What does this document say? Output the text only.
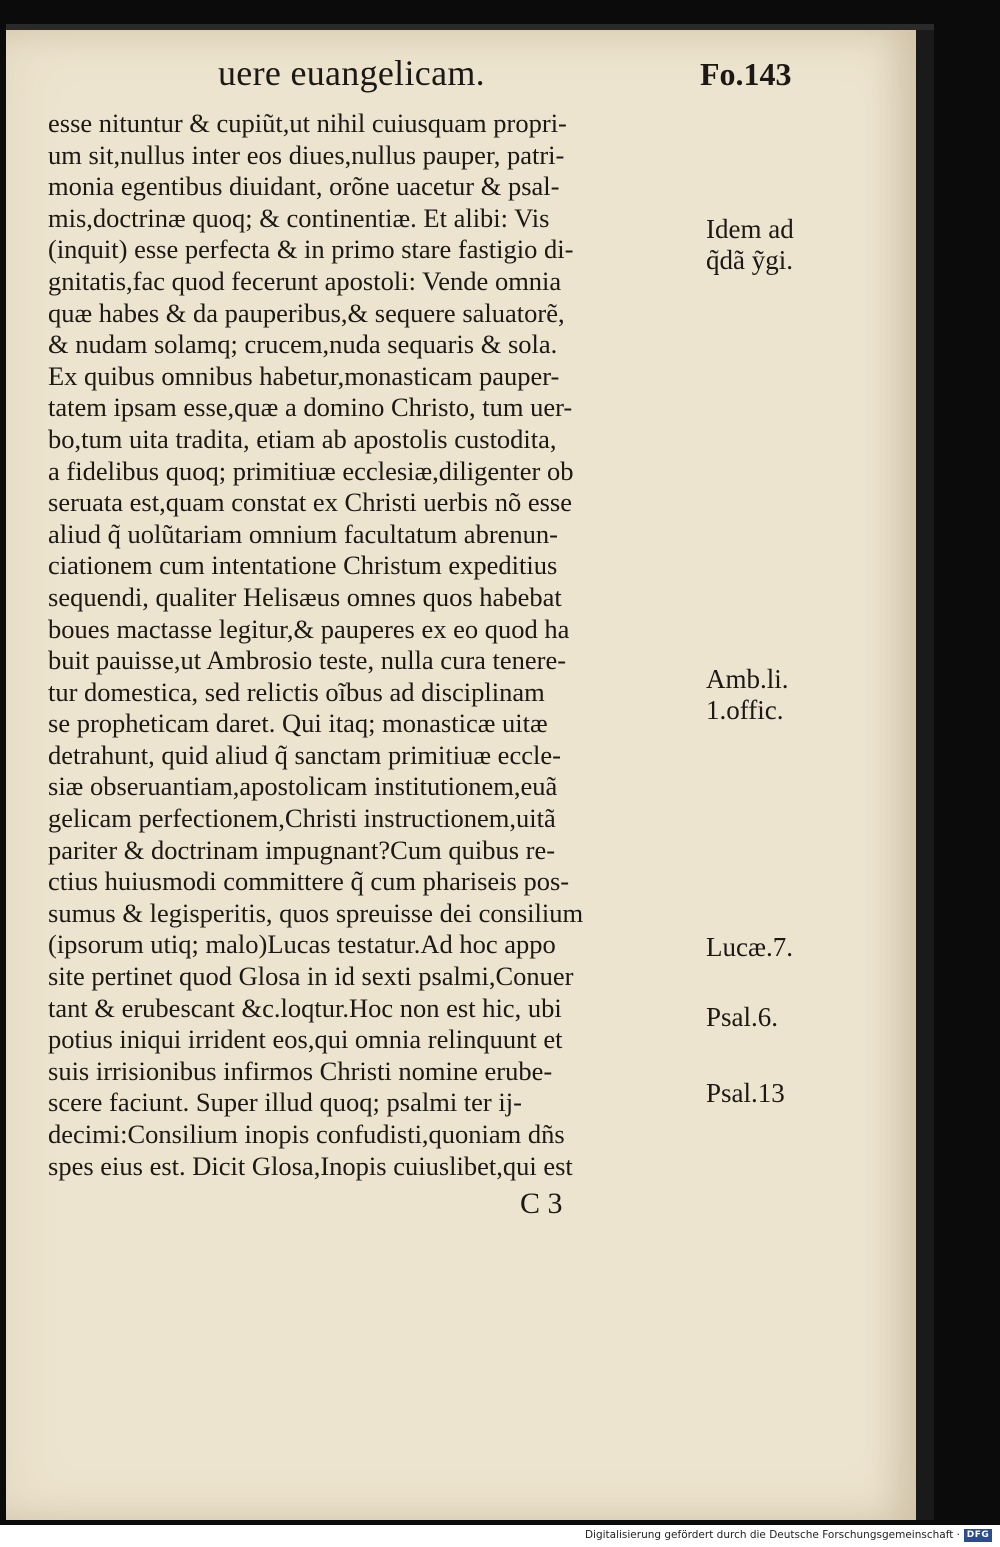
uere euangelicam.	Fo.143
esse nituntur & cupiũt,ut nihil cuiusquam propri-
um sit,nullus inter eos diues,nullus pauper, patri-
monia egentibus diuidant, orõne uacetur & psal-
mis,doctrinæ quoq; & continentiæ. Et alibi: Vis
(inquit) esse perfecta & in primo stare fastigio di-
gnitatis,fac quod fecerunt apostoli: Vende omnia
quæ habes & da pauperibus,& sequere saluatorẽ,
& nudam solamq; crucem,nuda sequaris & sola.
Ex quibus omnibus habetur,monasticam pauper-
tatem ipsam esse,quæ a domino Christo, tum uer-
bo,tum uita tradita, etiam ab apostolis custodita,
a fidelibus quoq; primitiuæ ecclesiæ,diligenter ob
seruata est,quam constat ex Christi uerbis nõ esse
aliud q̃ uolũtariam omnium facultatum abrenun-
ciationem cum intentatione Christum expeditius
sequendi, qualiter Helisæus omnes quos habebat
boues mactasse legitur,& pauperes ex eo quod ha
buit pauisse,ut Ambrosio teste, nulla cura tenere-
tur domestica, sed relictis oĩbus ad disciplinam
se propheticam daret. Qui itaq; monasticæ uitæ
detrahunt, quid aliud q̃ sanctam primitiuæ eccle-
siæ obseruantiam,apostolicam institutionem,euã
gelicam perfectionem,Christi instructionem,uitã
pariter & doctrinam impugnant?Cum quibus re-
ctius huiusmodi committere q̃ cum phariseis pos-
sumus & legisperitis, quos spreuisse dei consilium
(ipsorum utiq; malo)Lucas testatur.Ad hoc appo
site pertinet quod Glosa in id sexti psalmi,Conuer
tant & erubescant &c.loqtur.Hoc non est hic, ubi
potius iniqui irrident eos,qui omnia relinquunt et
suis irrisionibus infirmos Christi nomine erube-
scere faciunt. Super illud quoq; psalmi ter ij-
decimi:Consilium inopis confudisti,quoniam dñs
spes eius est. Dicit Glosa,Inopis cuiuslibet,qui est
Idem ad
q̃dã ỹgi.
Amb.li.
1.offic.
Lucæ.7.
Psal.6.
Psal.13
C 3
Digitalisierung gefördert durch die Deutsche Forschungsgemeinschaft · DFG
